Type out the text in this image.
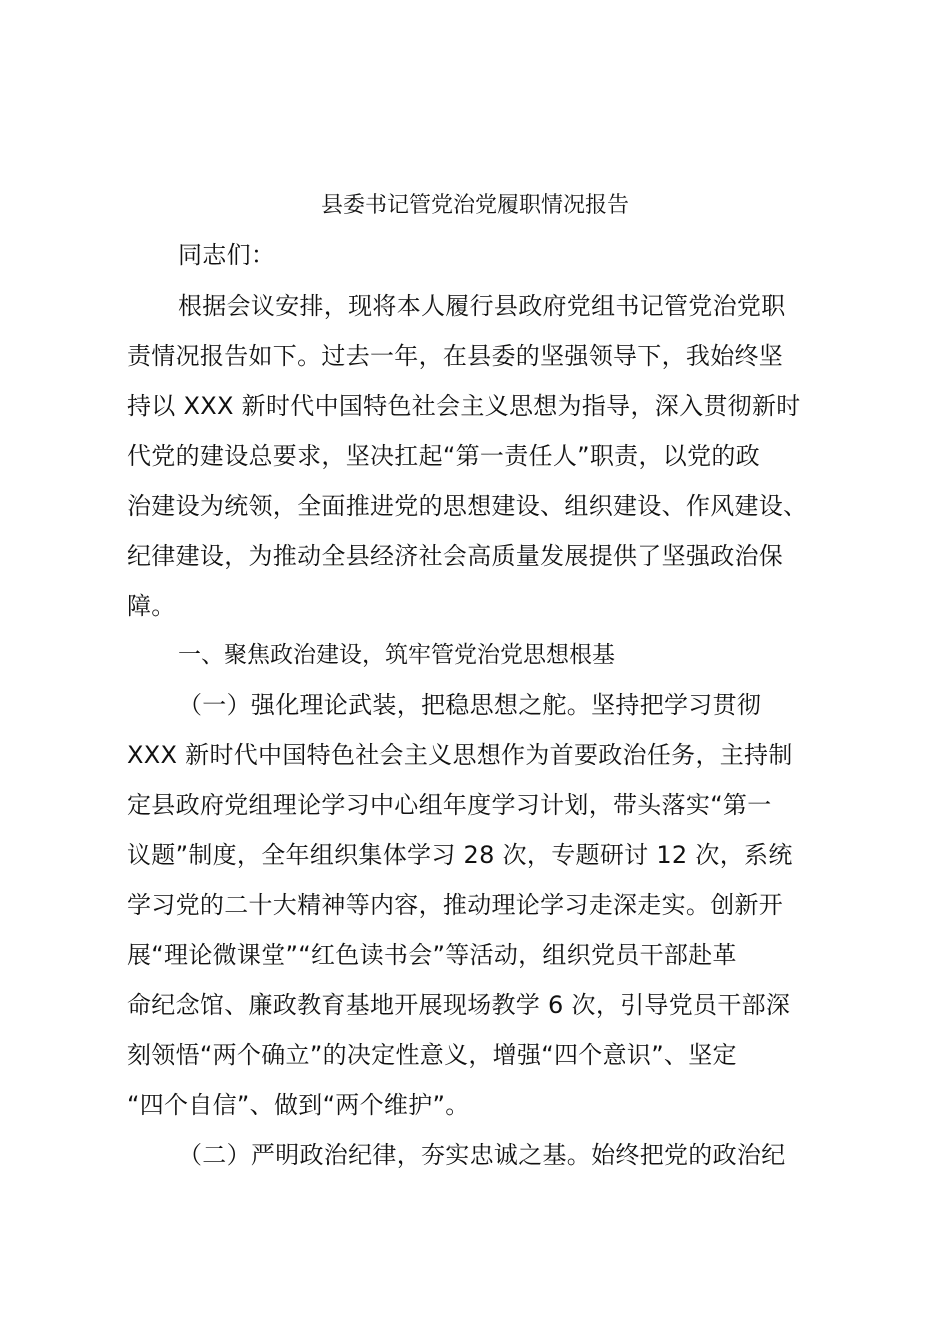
县委书记管党治党履职情况报告
同志们：
根据会议安排，现将本人履行县政府党组书记管党治党职
责情况报告如下。过去一年，在县委的坚强领导下，我始终坚
持以 XXX 新时代中国特色社会主义思想为指导，深入贯彻新时
代党的建设总要求，坚决扛起“第一责任人”职责，以党的政
治建设为统领，全面推进党的思想建设、组织建设、作风建设、
纪律建设，为推动全县经济社会高质量发展提供了坚强政治保
障。
一、聚焦政治建设，筑牢管党治党思想根基
（一）强化理论武装，把稳思想之舵。坚持把学习贯彻
XXX 新时代中国特色社会主义思想作为首要政治任务，主持制
定县政府党组理论学习中心组年度学习计划，带头落实“第一
议题”制度，全年组织集体学习 28 次，专题研讨 12 次，系统
学习党的二十大精神等内容，推动理论学习走深走实。创新开
展“理论微课堂”“红色读书会”等活动，组织党员干部赴革
命纪念馆、廉政教育基地开展现场教学 6 次，引导党员干部深
刻领悟“两个确立”的决定性意义，增强“四个意识”、坚定
“四个自信”、做到“两个维护”。
（二）严明政治纪律，夯实忠诚之基。始终把党的政治纪
